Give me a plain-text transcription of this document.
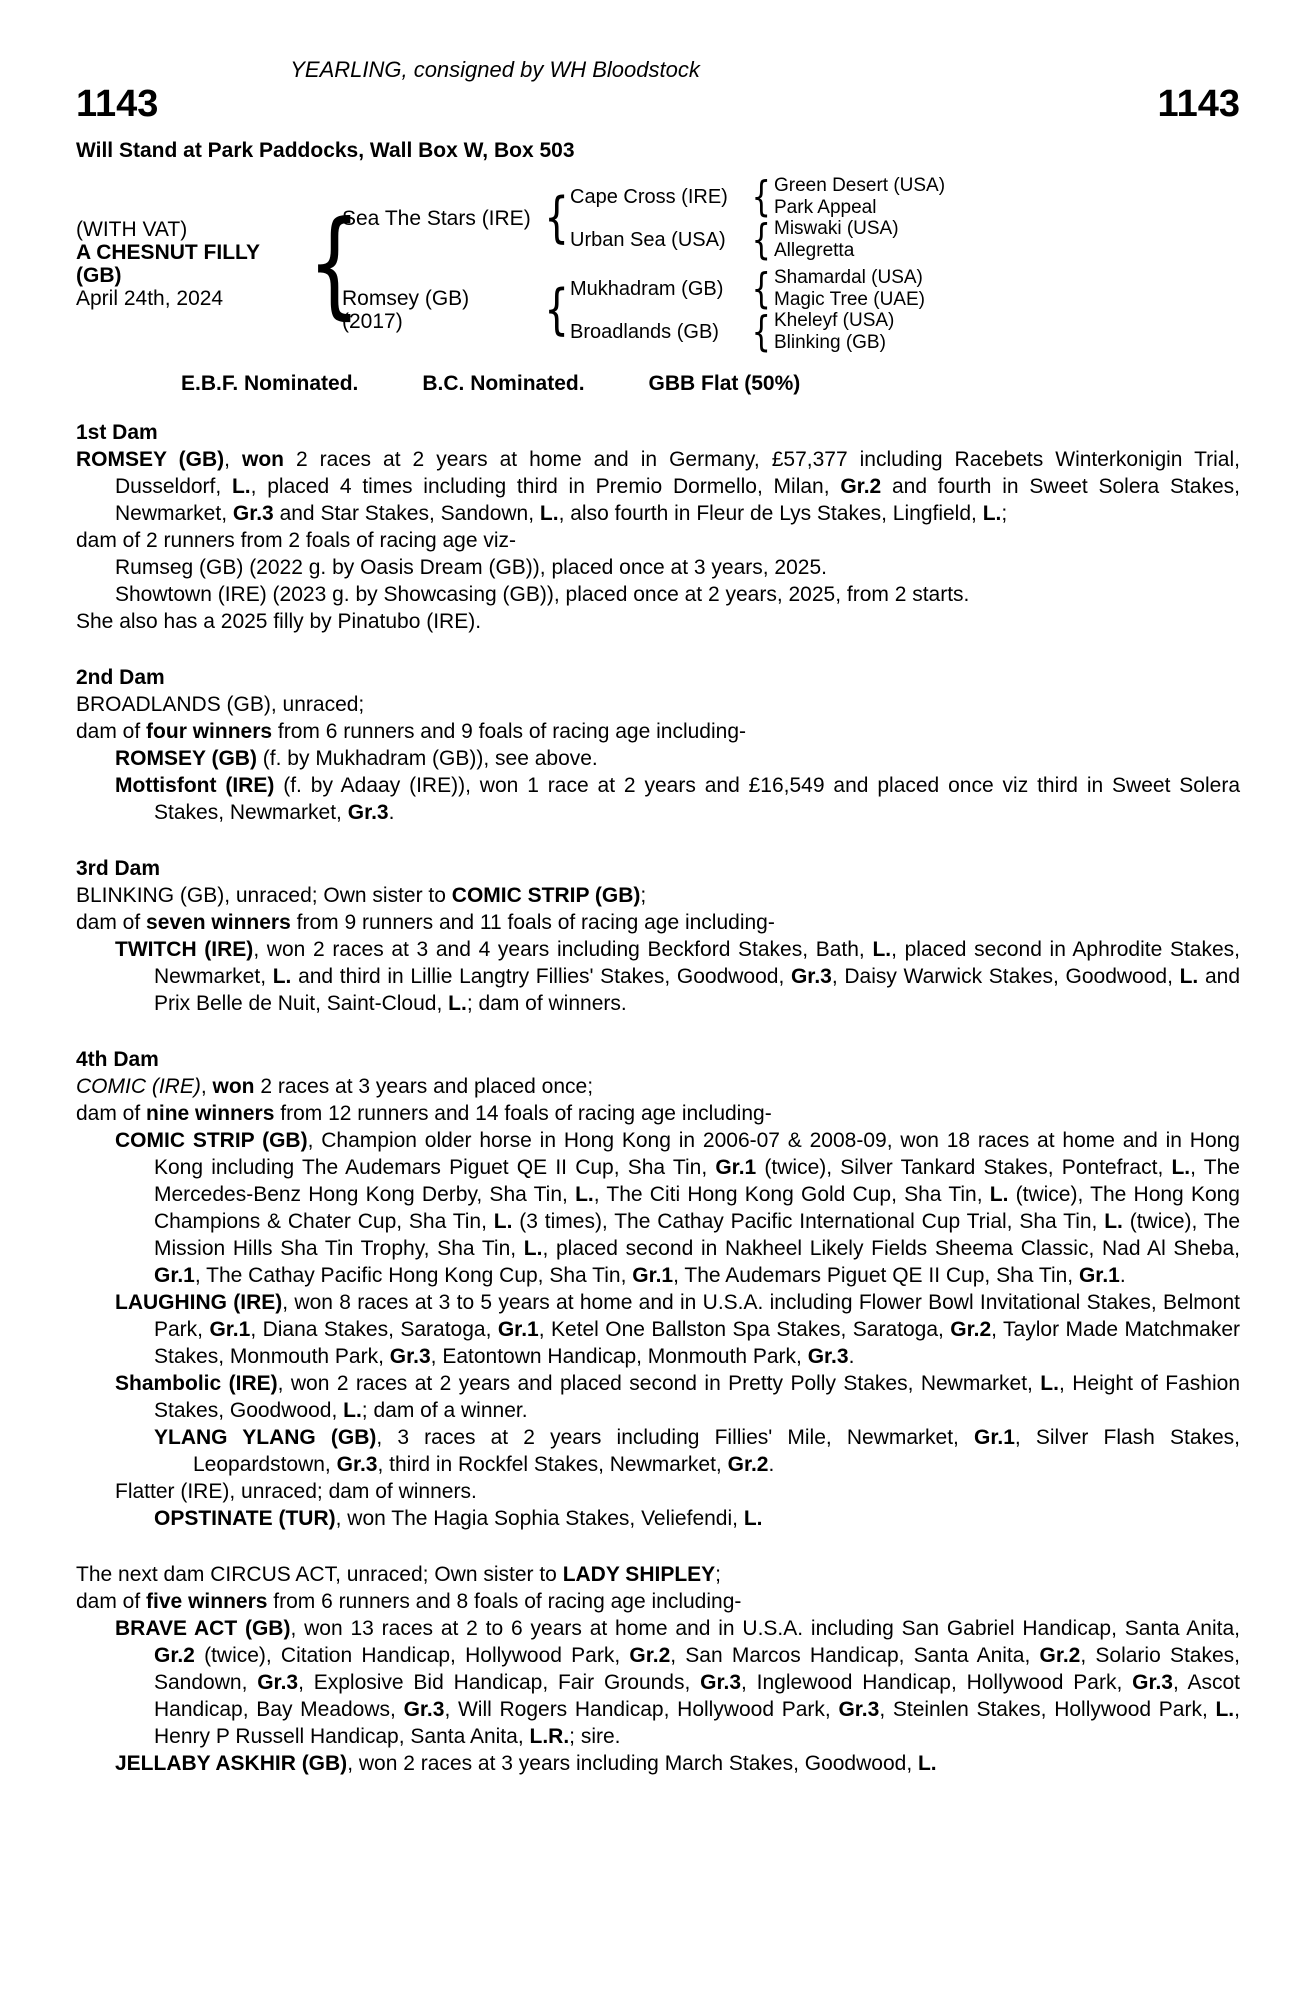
YEARLING, consigned by WH Bloodstock
1143	1143
Will Stand at Park Paddocks, Wall Box W, Box 503
(WITH VAT)
A CHESNUT FILLY (GB)
April 24th, 2024 {
Sea The Stars (IRE) { Cape Cross (IRE) { Green Desert (USA)
Park Appeal
Urban Sea (USA) { Miswaki (USA)
Allegretta
Romsey (GB)
(2017)	{ Mukhadram (GB) { Shamardal (USA)
Magic Tree (UAE)
Broadlands (GB) { Kheleyf (USA)
Blinking (GB)
E.B.F. Nominated.	B.C. Nominated.	GBB Flat (50%)
1st Dam

ROMSEY (GB), won 2 races at 2 years at home and in Germany, £57,377 including Racebets Winterkonigin Trial, Dusseldorf, L., placed 4 times including third in Premio Dormello, Milan, Gr.2 and fourth in Sweet Solera Stakes, Newmarket, Gr.3 and Star Stakes, Sandown, L., also fourth in Fleur de Lys Stakes, Lingfield, L.;

dam of 2 runners from 2 foals of racing age viz-

Rumseg (GB) (2022 g. by Oasis Dream (GB)), placed once at 3 years, 2025.

Showtown (IRE) (2023 g. by Showcasing (GB)), placed once at 2 years, 2025, from 2 starts.

She also has a 2025 filly by Pinatubo (IRE).

2nd Dam

BROADLANDS (GB), unraced;

dam of four winners from 6 runners and 9 foals of racing age including-

ROMSEY (GB) (f. by Mukhadram (GB)), see above.

Mottisfont (IRE) (f. by Adaay (IRE)), won 1 race at 2 years and £16,549 and placed once viz third in Sweet Solera Stakes, Newmarket, Gr.3.

3rd Dam

BLINKING (GB), unraced; Own sister to COMIC STRIP (GB);

dam of seven winners from 9 runners and 11 foals of racing age including-

TWITCH (IRE), won 2 races at 3 and 4 years including Beckford Stakes, Bath, L., placed second in Aphrodite Stakes, Newmarket, L. and third in Lillie Langtry Fillies' Stakes, Goodwood, Gr.3, Daisy Warwick Stakes, Goodwood, L. and Prix Belle de Nuit, Saint-Cloud, L.; dam of winners.

4th Dam

COMIC (IRE), won 2 races at 3 years and placed once;

dam of nine winners from 12 runners and 14 foals of racing age including-

COMIC STRIP (GB), Champion older horse in Hong Kong in 2006-07 & 2008-09, won 18 races at home and in Hong Kong including The Audemars Piguet QE II Cup, Sha Tin, Gr.1 (twice), Silver Tankard Stakes, Pontefract, L., The Mercedes-Benz Hong Kong Derby, Sha Tin, L., The Citi Hong Kong Gold Cup, Sha Tin, L. (twice), The Hong Kong Champions & Chater Cup, Sha Tin, L. (3 times), The Cathay Pacific International Cup Trial, Sha Tin, L. (twice), The Mission Hills Sha Tin Trophy, Sha Tin, L., placed second in Nakheel Likely Fields Sheema Classic, Nad Al Sheba, Gr.1, The Cathay Pacific Hong Kong Cup, Sha Tin, Gr.1, The Audemars Piguet QE II Cup, Sha Tin, Gr.1.

LAUGHING (IRE), won 8 races at 3 to 5 years at home and in U.S.A. including Flower Bowl Invitational Stakes, Belmont Park, Gr.1, Diana Stakes, Saratoga, Gr.1, Ketel One Ballston Spa Stakes, Saratoga, Gr.2, Taylor Made Matchmaker Stakes, Monmouth Park, Gr.3, Eatontown Handicap, Monmouth Park, Gr.3.

Shambolic (IRE), won 2 races at 2 years and placed second in Pretty Polly Stakes, Newmarket, L., Height of Fashion Stakes, Goodwood, L.; dam of a winner.

YLANG YLANG (GB), 3 races at 2 years including Fillies' Mile, Newmarket, Gr.1, Silver Flash Stakes, Leopardstown, Gr.3, third in Rockfel Stakes, Newmarket, Gr.2.

Flatter (IRE), unraced; dam of winners.

OPSTINATE (TUR), won The Hagia Sophia Stakes, Veliefendi, L.

The next dam CIRCUS ACT, unraced; Own sister to LADY SHIPLEY;

dam of five winners from 6 runners and 8 foals of racing age including-

BRAVE ACT (GB), won 13 races at 2 to 6 years at home and in U.S.A. including San Gabriel Handicap, Santa Anita, Gr.2 (twice), Citation Handicap, Hollywood Park, Gr.2, San Marcos Handicap, Santa Anita, Gr.2, Solario Stakes, Sandown, Gr.3, Explosive Bid Handicap, Fair Grounds, Gr.3, Inglewood Handicap, Hollywood Park, Gr.3, Ascot Handicap, Bay Meadows, Gr.3, Will Rogers Handicap, Hollywood Park, Gr.3, Steinlen Stakes, Hollywood Park, L., Henry P Russell Handicap, Santa Anita, L.R.; sire.

JELLABY ASKHIR (GB), won 2 races at 3 years including March Stakes, Goodwood, L.
